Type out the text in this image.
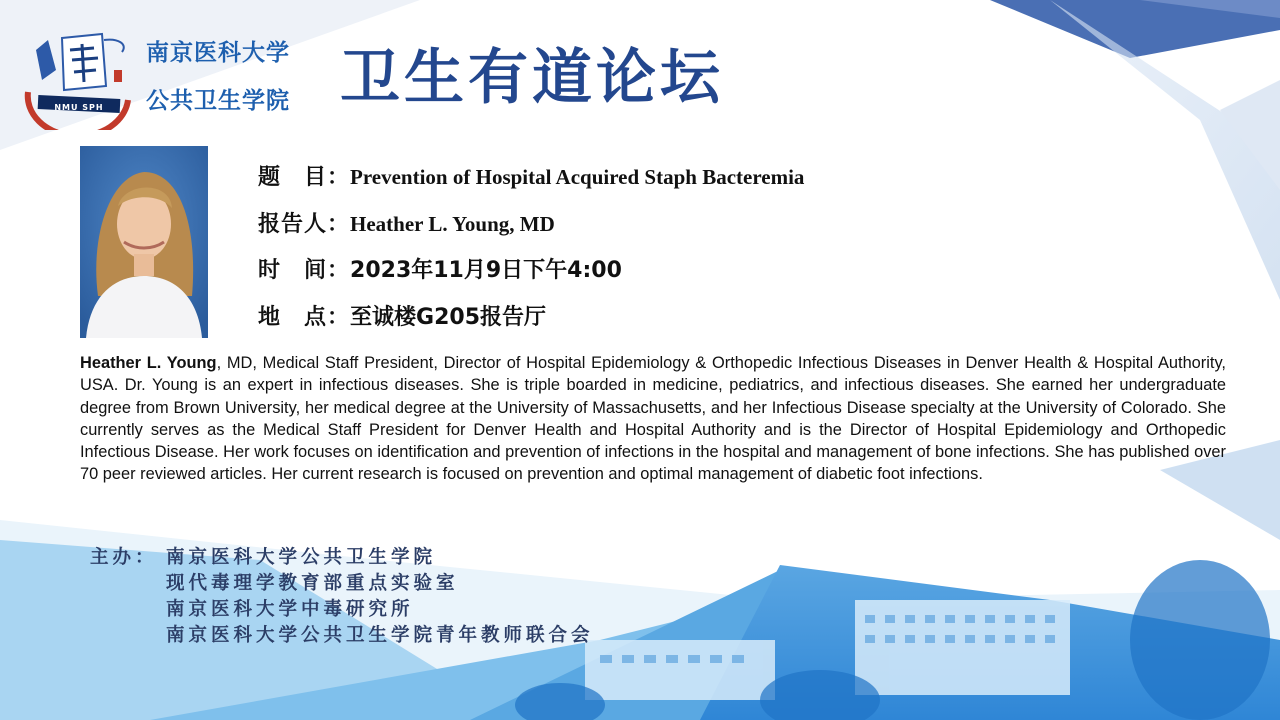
NMU SPH
南京医科大学
公共卫生学院 卫生有道论坛
题　目：Prevention of Hospital Acquired Staph Bacteremia
报告人：Heather L. Young, MD
时　间：2023年11月9日下午4:00
地　点：至诚楼G205报告厅
Heather L. Young, MD, Medical Staff President, Director of Hospital Epidemiology & Orthopedic Infectious Diseases in Denver Health & Hospital Authority, USA. Dr. Young is an expert in infectious diseases. She is triple boarded in medicine, pediatrics, and infectious diseases. She earned her undergraduate degree from Brown University, her medical degree at the University of Massachusetts, and her Infectious Disease specialty at the University of Colorado. She currently serves as the Medical Staff President for Denver Health and Hospital Authority and is the Director of Hospital Epidemiology and Orthopedic Infectious Disease. Her work focuses on identification and prevention of infections in the hospital and management of bone infections. She has published over 70 peer reviewed articles. Her current research is focused on prevention and optimal management of diabetic foot infections.
主办： 南京医科大学公共卫生学院
现代毒理学教育部重点实验室
南京医科大学中毒研究所
南京医科大学公共卫生学院青年教师联合会
